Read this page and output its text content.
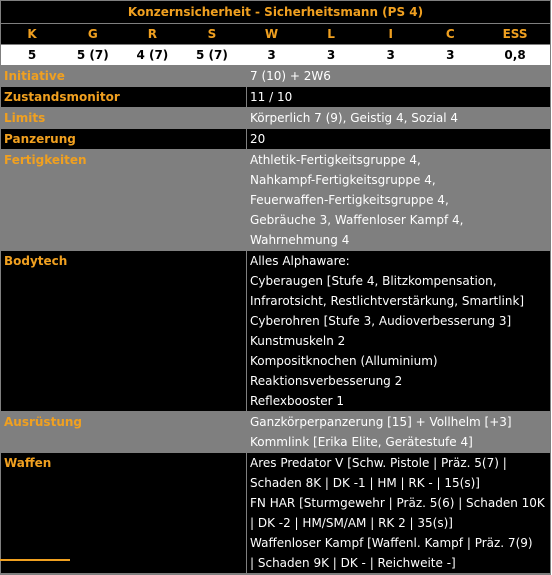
Konzernsicherheit - Sicherheitsmann (PS 4)
K	G	R	S	W	L	I	C	ESS
5	5 (7)	4 (7)	5 (7)	3	3	3	3	0,8
Initiative	7 (10) + 2W6
Zustandsmonitor	11 / 10
Limits	Körperlich 7 (9), Geistig 4, Sozial 4
Panzerung	20
Fertigkeiten	Athletik-Fertigkeitsgruppe 4,
Nahkampf-Fertigkeitsgruppe 4,
Feuerwaffen-Fertigkeitsgruppe 4,
Gebräuche 3, Waffenloser Kampf 4,
Wahrnehmung 4
Bodytech	Alles Alphaware:
Cyberaugen [Stufe 4, Blitzkompensation,
Infrarotsicht, Restlichtverstärkung, Smartlink]
Cyberohren [Stufe 3, Audioverbesserung 3]
Kunstmuskeln 2
Kompositknochen (Alluminium)
Reaktionsverbesserung 2
Reflexbooster 1
Ausrüstung	Ganzkörperpanzerung [15] + Vollhelm [+3]
Kommlink [Erika Elite, Gerätestufe 4]
Waffen	Ares Predator V [Schw. Pistole | Präz. 5(7) |
Schaden 8K | DK -1 | HM | RK - | 15(s)]
FN HAR [Sturmgewehr | Präz. 5(6) | Schaden 10K
| DK -2 | HM/SM/AM | RK 2 | 35(s)]
Waffenloser Kampf [Waffenl. Kampf | Präz. 7(9)
| Schaden 9K | DK - | Reichweite -]
